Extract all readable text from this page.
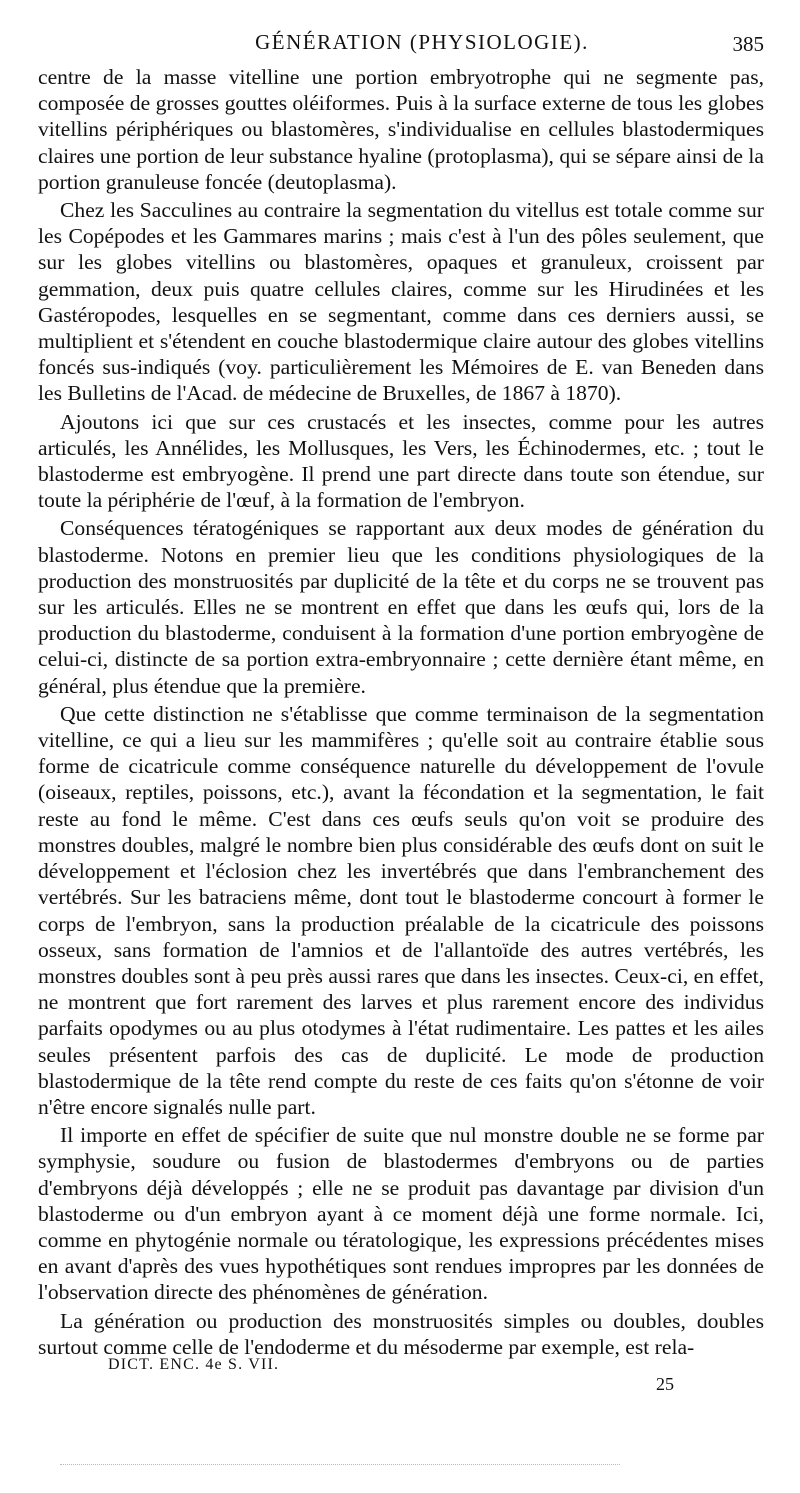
GÉNÉRATION (PHYSIOLOGIE).	385

centre de la masse vitelline une portion embryotrophe qui ne segmente pas, composée de grosses gouttes oléiformes. Puis à la surface externe de tous les globes vitellins périphériques ou blastomères, s'individualise en cellules blastodermiques claires une portion de leur substance hyaline (protoplasma), qui se sépare ainsi de la portion granuleuse foncée (deutoplasma).

Chez les Sacculines au contraire la segmentation du vitellus est totale comme sur les Copépodes et les Gammares marins ; mais c'est à l'un des pôles seulement, que sur les globes vitellins ou blastomères, opaques et granuleux, croissent par gemmation, deux puis quatre cellules claires, comme sur les Hirudinées et les Gastéropodes, lesquelles en se segmentant, comme dans ces derniers aussi, se multiplient et s'étendent en couche blastodermique claire autour des globes vitellins foncés sus-indiqués (voy. particulièrement les Mémoires de E. van Beneden dans les Bulletins de l'Acad. de médecine de Bruxelles, de 1867 à 1870).

Ajoutons ici que sur ces crustacés et les insectes, comme pour les autres articulés, les Annélides, les Mollusques, les Vers, les Échinodermes, etc. ; tout le blastoderme est embryogène. Il prend une part directe dans toute son étendue, sur toute la périphérie de l'œuf, à la formation de l'embryon.

Conséquences tératogéniques se rapportant aux deux modes de génération du blastoderme. Notons en premier lieu que les conditions physiologiques de la production des monstruosités par duplicité de la tête et du corps ne se trouvent pas sur les articulés. Elles ne se montrent en effet que dans les œufs qui, lors de la production du blastoderme, conduisent à la formation d'une portion embryogène de celui-ci, distincte de sa portion extra-embryonnaire ; cette dernière étant même, en général, plus étendue que la première.

Que cette distinction ne s'établisse que comme terminaison de la segmentation vitelline, ce qui a lieu sur les mammifères ; qu'elle soit au contraire établie sous forme de cicatricule comme conséquence naturelle du développement de l'ovule (oiseaux, reptiles, poissons, etc.), avant la fécondation et la segmentation, le fait reste au fond le même. C'est dans ces œufs seuls qu'on voit se produire des monstres doubles, malgré le nombre bien plus considérable des œufs dont on suit le développement et l'éclosion chez les invertébrés que dans l'embranchement des vertébrés. Sur les batraciens même, dont tout le blastoderme concourt à former le corps de l'embryon, sans la production préalable de la cicatricule des poissons osseux, sans formation de l'amnios et de l'allantoïde des autres vertébrés, les monstres doubles sont à peu près aussi rares que dans les insectes. Ceux-ci, en effet, ne montrent que fort rarement des larves et plus rarement encore des individus parfaits opodymes ou au plus otodymes à l'état rudimentaire. Les pattes et les ailes seules présentent parfois des cas de duplicité. Le mode de production blastodermique de la tête rend compte du reste de ces faits qu'on s'étonne de voir n'être encore signalés nulle part.

Il importe en effet de spécifier de suite que nul monstre double ne se forme par symphysie, soudure ou fusion de blastodermes d'embryons ou de parties d'embryons déjà développés ; elle ne se produit pas davantage par division d'un blastoderme ou d'un embryon ayant à ce moment déjà une forme normale. Ici, comme en phytogénie normale ou tératologique, les expressions précédentes mises en avant d'après des vues hypothétiques sont rendues impropres par les données de l'observation directe des phénomènes de génération.

La génération ou production des monstruosités simples ou doubles, doubles surtout comme celle de l'endoderme et du mésoderme par exemple, est rela-

DICT. ENC. 4e S. VII.
25
